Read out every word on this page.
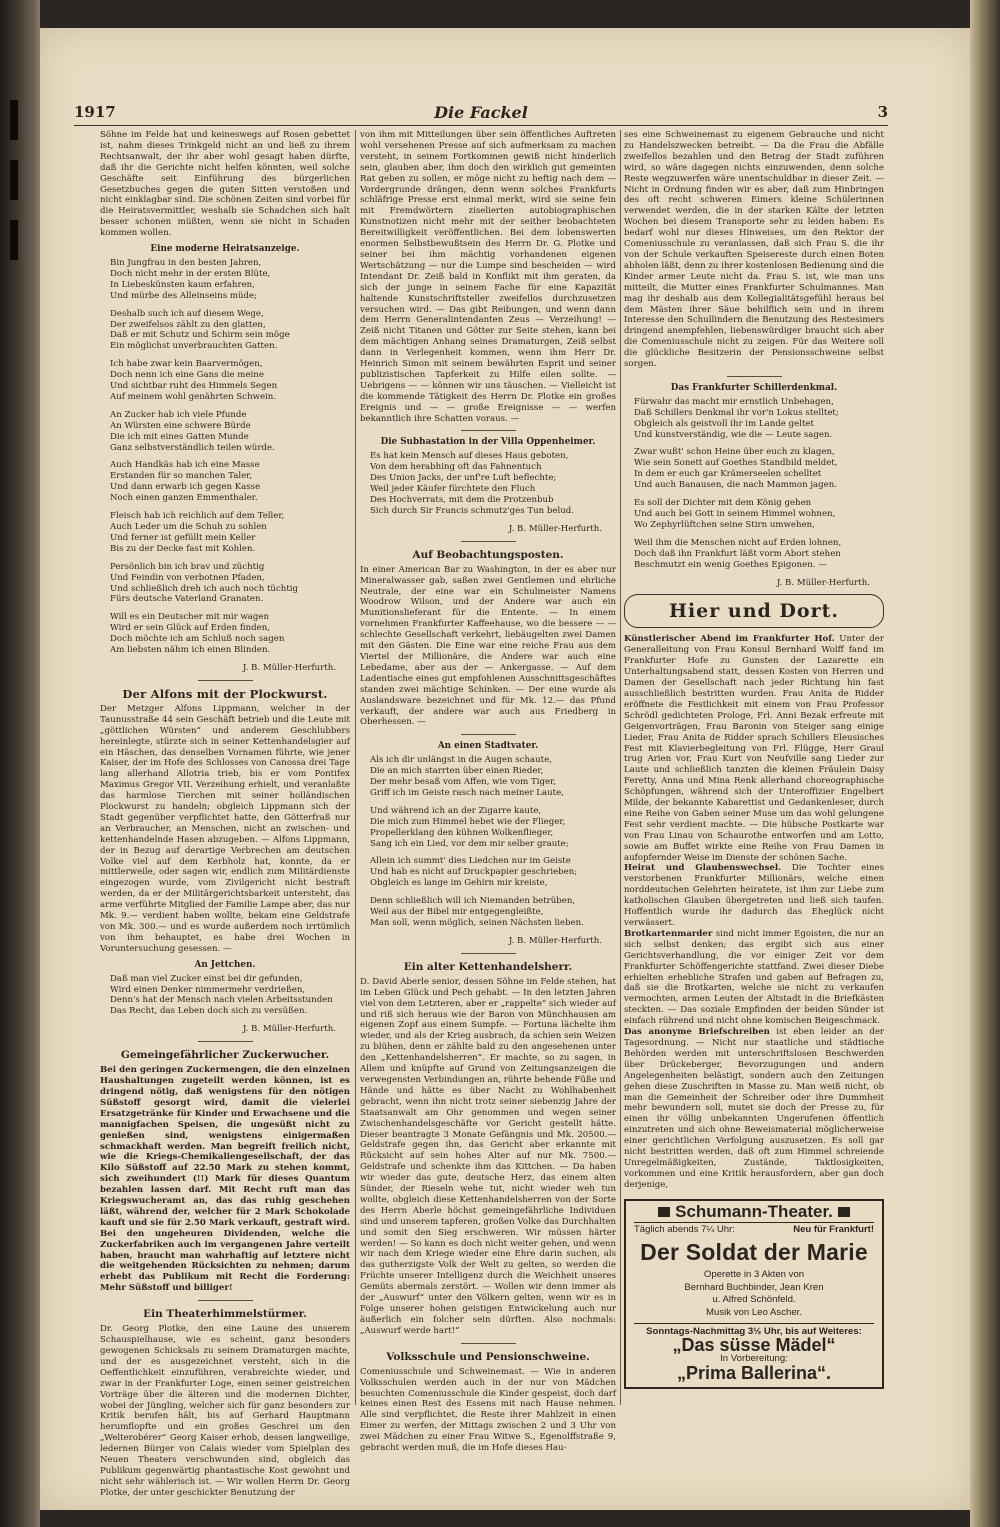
1917	Die Fackel	3
Söhne im Felde hat und keineswegs auf Rosen gebettet ist, nahm dieses Trinkgeld nicht an und ließ zu ihrem Rechtsanwalt, der ihr aber wohl gesagt haben dürfte, daß ihr die Gerichte nicht helfen könnten, weil solche Geschäfte seit Einführung des bürgerlichen Gesetzbuches gegen die guten Sitten verstoßen und nicht einklagbar sind. Die schönen Zeiten sind vorbei für die Heiratsvermittler, weshalb sie Schadchen sich halt besser schonen müßten, wenn sie nicht in Schaden kommen wollen.
Eine moderne Heiratsanzeige.
Bin Jungfrau in den besten Jahren,
Doch nicht mehr in der ersten Blüte,
In Liebeskünsten kaum erfahren,
Und mürbe des Alleinseins müde;
Deshalb such ich auf diesem Wege,
Der zweifelsos zählt zu den glatten,
Daß er mit Schutz und Schirm sein möge
Ein möglichst unverbrauchten Gatten.
Ich habe zwar kein Baarvermögen,
Doch nenn ich eine Gans die meine
Und sichtbar ruht des Himmels Segen
Auf meinem wohl genährten Schwein.
An Zucker hab ich viele Pfunde
An Würsten eine schwere Bürde
Die ich mit eines Gatten Munde
Ganz selbstverständlich teilen würde.
Auch Handkäs hab ich eine Masse
Erstanden für so manchen Taler,
Und dann erwarb ich gegen Kasse
Noch einen ganzen Emmenthaler.
Fleisch hab ich reichlich auf dem Teller,
Auch Leder um die Schuh zu sohlen
Und ferner ist gefüllt mein Keller
Bis zu der Decke fast mit Kohlen.
Persönlich bin ich brav und züchtig
Und Feindin von verbotnen Pfaden,
Und schließlich dreh ich auch noch tüchtig
Fürs deutsche Vaterland Granaten.
Will es ein Deutscher mit mir wagen
Wird er sein Glück auf Erden finden,
Doch möchte ich am Schluß noch sagen
Am liebsten nähm ich einen Blinden.
J. B. Müller-Herfurth.
Der Alfons mit der Plockwurst.
Der Metzger Alfons Lippmann, welcher in der Taunusstraße 44 sein Geschäft betrieb und die Leute mit „göttlichen Würsten“ und anderem Geschlubbers hereinlegte, stürzte sich in seiner Kettenhandelsgier auf ein Häschen, das denselben Vornamen führte, wie jener Kaiser, der im Hofe des Schlosses von Canossa drei Tage lang allerhand Allotria trieb, bis er vom Pontifex Maximus Gregor VII. Verzeihung erhielt, und veranlaßte das harmlose Tierchen mit seiner holländischen Plockwurst zu handeln; obgleich Lippmann sich der Stadt gegenüber verpflichtet hatte, den Götterfraß nur an Verbraucher, an Menschen, nicht an zwischen- und kettenhandelnde Hasen abzugeben. — Alfons Lippmann, der in Bezug auf derartige Verbrechen am deutschen Volke viel auf dem Kerbholz hat, konnte, da er mittlerweile, oder sagen wir, endlich zum Militärdienste eingezogen wurde, vom Zivilgericht nicht bestraft werden, da er der Militärgerichtsbarkeit untersteht, das arme verführte Mitglied der Familie Lampe aber, das nur Mk. 9.— verdient haben wollte, bekam eine Geldstrafe von Mk. 300.— und es wurde außerdem noch irrtümlich von ihm behauptet, es habe drei Wochen in Voruntersuchung gesessen. —
An Jettchen.
Daß man viel Zucker einst bei dir gefunden,
Wird einen Denker nimmermehr verdrießen,
Denn's hat der Mensch nach vielen Arbeitsstunden
Das Recht, das Leben doch sich zu versüßen.
J. B. Müller-Herfurth.
Gemeingefährlicher Zuckerwucher.
Bei den geringen Zuckermengen, die den einzelnen Haushaltungen zugeteilt werden können, ist es dringend nötig, daß wenigstens für den nötigen Süßstoff gesorgt wird, damit die vielerlei Ersatzgetränke für Kinder und Erwachsene und die mannigfachen Speisen, die ungesüßt nicht zu genießen sind, wenigstens einigermaßen schmackhaft werden. Man begreift freilich nicht, wie die Kriegs-Chemikaliengesellschaft, der das Kilo Süßstoff auf 22.50 Mark zu stehen kommt, sich zweihundert (!!) Mark für dieses Quantum bezahlen lassen darf. Mit Recht ruft man das Kriegswucheramt an, das das ruhig geschehen läßt, während der, welcher für 2 Mark Schokolade kauft und sie für 2.50 Mark verkauft, gestraft wird. Bei den ungeheuren Dividenden, welche die Zuckerfabriken auch im vergangenen Jahre verteilt haben, braucht man wahrhaftig auf letztere nicht die weitgehenden Rücksichten zu nehmen; darum erhebt das Publikum mit Recht die Forderung: Mehr Süßstoff und billiger!
Ein Theaterhimmelstürmer.
Dr. Georg Plotke, den eine Laune des unserem Schauspielhause, wie es scheint, ganz besonders gewogenen Schicksals zu seinem Dramaturgen machte, und der es ausgezeichnet versteht, sich in die Oeffentlichkeit einzuführen, verabreichte wieder, und zwar in der Frankfurter Loge, einen seiner geistreichen Vorträge über die älteren und die modernen Dichter, wobei der Jüngling, welcher sich für ganz besonders zur Kritik berufen hält, bis auf Gerhard Hauptmann herumflopfte und ein großes Geschrei um den „Welterobérer“ Georg Kaiser erhob, dessen langweilige, ledernen Bürger von Calais wieder vom Spielplan des Neuen Theaters verschwunden sind, obgleich das Publikum gegenwärtig phantastische Kost gewohnt und nicht sehr wählerisch ist. — Wir wollen Herrn Dr. Georg Plotke, der unter geschickter Benutzung der
von ihm mit Mitteilungen über sein öffentliches Auftreten wohl versehenen Presse auf sich aufmerksam zu machen versteht, in seinem Fortkommen gewiß nicht hinderlich sein, glauben aber, ihm doch den wirklich gut gemeinten Rat geben zu sollen, er möge nicht zu heftig nach dem — Vordergrunde drängen, denn wenn solches Frankfurts schläfrige Presse erst einmal merkt, wird sie seine fein mit Fremdwörtern ziselierten autobiographischen Kunstnotizen nicht mehr mit der seither beobachteten Bereitwilligkeit veröffentlichen. Bei dem lobenswerten enormen Selbstbewußtsein des Herrn Dr. G. Plotke und seiner bei ihm mächtig vorhandenen eigenen Wertschätzung — nur die Lumpe sind bescheiden — wird Intendant Dr. Zeiß bald in Konflikt mit ihm geraten, da sich der junge in seinem Fache für eine Kapazität haltende Kunstschriftsteller zweifellos durchzusetzen versuchen wird. — Das gibt Reibungen, und wenn dann dem Herrn Generalintendanten Zeus — Verzeihung! — Zeiß nicht Titanen und Götter zur Seite stehen, kann bei dem mächtigen Anhang seines Dramaturgen, Zeiß selbst dann in Verlegenheit kommen, wenn ihm Herr Dr. Heinrich Simon mit seinem bewährten Esprit und seiner publizistischen Tapferkeit zu Hilfe eilen sollte. — Uebrigens — — können wir uns täuschen. — Vielleicht ist die kommende Tätigkeit des Herrn Dr. Plotke ein großes Ereignis und — — große Ereignisse — — werfen bekanntlich ihre Schatten voraus. —
Die Subhastation in der Villa Oppenheimer.
Es hat kein Mensch auf dieses Haus geboten,
Von dem herabhing oft das Fahnentuch
Des Union Jacks, der unf're Luft beflechte;
Weil jeder Käufer fürchtete den Fluch
Des Hochverrats, mit dem die Protzenbub
Sich durch Sir Francis schmutz'ges Tun belud.
J. B. Müller-Herfurth.
Auf Beobachtungsposten.
In einer American Bar zu Washington, in der es aber nur Mineralwasser gab, saßen zwei Gentlemen und ehrliche Neutrale, der eine war ein Schulmeister Namens Woodrow Wilson, und der Andere war auch ein Munitionslieferant für die Entente. — In einem vornehmen Frankfurter Kaffeehause, wo die bessere — — schlechte Gesellschaft verkehrt, liebäugelten zwei Damen mit den Gästen. Die Eine war eine reiche Frau aus dem Viertel der Millionäre, die Andere war auch eine Lebedame, aber aus der — Ankergasse. — Auf dem Ladentische eines gut empfohlenen Ausschnittsgeschäftes standen zwei mächtige Schinken. — Der eine wurde als Auslandsware bezeichnet und für Mk. 12.— das Pfund verkauft, der andere war auch aus Friedberg in Oberhessen. —
An einen Stadtvater.
Als ich dir unlängst in die Augen schaute,
Die an mich starrten über einen Rieder,
Der mehr besaß vom Affen, wie vom Tiger,
Griff ich im Geiste rasch nach meiner Laute,
Und während ich an der Zigarre kaute,
Die mich zum Himmel hebet wie der Flieger,
Propellerklang den kühnen Wolkenflieger,
Sang ich ein Lied, vor dem mir selber graute;
Allein ich summt' dies Liedchen nur im Geiste
Und hab es nicht auf Druckpapier geschrieben;
Obgleich es lange im Gehirn mir kreiste,
Denn schließlich will ich Niemanden betrüben,
Weil aus der Bibel mir entgegengleißte,
Man soll, wenn möglich, seinen Nächsten lieben.
J. B. Müller-Herfurth.
Ein alter Kettenhandelsherr.
D. David Aberle senior, dessen Söhne im Felde stehen, hat im Leben Glück und Pech gehabt. — In den letzten Jahren viel von dem Letzteren, aber er „rappelte“ sich wieder auf und riß sich heraus wie der Baron von Münchhausen am eigenen Zopf aus einem Sumpfe. — Fortuna lächelte ihm wieder, und als der Krieg ausbrach, da schien sein Weizen zu blühen, denn er zählte bald zu den angesehenen unter den „Kettenhandelsherren“. Er machte, so zu sagen, in Allem und knüpfte auf Grund von Zeitungsanzeigen die verwegensten Verbindungen an, rührte behende Füße und Hände und hätte es über Nacht zu Wohlhabenheit gebracht, wenn ihn nicht trotz seiner siebenzig Jahre der Staatsanwalt am Ohr genommen und wegen seiner Zwischenhandelsgeschäfte vor Gericht gestellt hätte. Dieser beantragte 3 Monate Gefängnis und Mk. 20500.— Geldstrafe gegen ihn, das Gericht aber erkannte mit Rücksicht auf sein hohes Alter auf nur Mk. 7500.— Geldstrafe und schenkte ihm das Kittchen. — Da haben wir wieder das gute, deutsche Herz, das einem alten Sünder, der Rieseln wehe tut, nicht wieder weh tun wollte, obgleich diese Kettenhandelsherren von der Sorte des Herrn Aberle höchst gemeingefährliche Individuen sind und unserem tapferen, großen Volke das Durchhalten und somit den Sieg erschweren. Wir müssen härter werden! — So kann es doch nicht weiter gehen, und wenn wir nach dem Kriege wieder eine Ehre darin suchen, als das gutherzigste Volk der Welt zu gelten, so werden die Früchte unserer Intelligenz durch die Weichheit unseres Gemüts abermals zerstört. — Wollen wir denn immer als der „Auswurf“ unter den Völkern gelten, wenn wir es in Folge unserer hohen geistigen Entwickelung auch nur äußerlich ein folcher sein dürften. Also nochmals: „Auswurf werde hart!“
Volksschule und Pensionschweine.
Comeniusschule und Schweinemast. — Wie in anderen Volksschulen werden auch in der nur von Mädchen besuchten Comeniusschule die Kinder gespeist, doch darf keines einen Rest des Essens mit nach Hause nehmen. Alle sind verpflichtet, die Reste ihrer Mahlzeit in einen Eimer zu werfen, der Mittags zwischen 2 und 3 Uhr von zwei Mädchen zu einer Frau Witwe S., Egenolffstraße 9, gebracht werden muß, die im Hofe dieses Hau-
ses eine Schweinemast zu eigenem Gebrauche und nicht zu Handelszwecken betreibt. — Da die Frau die Abfälle zweifellos bezahlen und den Betrag der Stadt zuführen wird, so wäre dagegen nichts einzuwenden, denn solche Reste wegzuwerfen wäre unentschuldbar in dieser Zeit. — Nicht in Ordnung finden wir es aber, daß zum Hinbringen des oft recht schweren Eimers kleine Schülerinnen verwendet werden, die in der starken Kälte der letzten Wochen bei diesem Transporte sehr zu leiden haben: Es bedarf wohl nur dieses Hinweises, um den Rektor der Comeniusschule zu veranlassen, daß sich Frau S. die ihr von der Schule verkauften Speisereste durch einen Boten abholen läßt, denn zu ihrer kostenlosen Bedienung sind die Kinder armer Leute nicht da. Frau S. ist, wie man uns mitteilt, die Mutter eines Frankfurter Schulmannes. Man mag ihr deshalb aus dem Kollegialitätsgefühl heraus bei dem Mästen ihrer Säue behilflich sein und in ihrem Interesse den Schullindern die Benutzung des Restesimers dringend anempfehlen, liebenswürdiger braucht sich aber die Comeniusschule nicht zu zeigen. Für das Weitere soll die glückliche Besitzerin der Pensionsschweine selbst sorgen.
Das Frankfurter Schillerdenkmal.
Fürwahr das macht mir ernstlich Unbehagen,
Daß Schillers Denkmal ihr vor'n Lokus stelltet;
Obgleich als geistvoll ihr im Lande geltet
Und kunstverständig, wie die — Leute sagen.
Zwar wußt' schon Heine über euch zu klagen,
Wie sein Sonett auf Goethes Standbild meldet,
In dem er euch gar Krämerseelen schelltet
Und auch Banausen, die nach Mammon jagen.
Es soll der Dichter mit dem König gehen
Und auch bei Gott in seinem Himmel wohnen,
Wo Zephyrlüftchen seine Stirn umwehen,
Weil ihm die Menschen nicht auf Erden lohnen,
Doch daß ihn Frankfurt läßt vorm Abort stehen
Beschmutzt ein wenig Goethes Epigonen. —
J. B. Müller-Herfurth.
Hier und Dort.
Künstlerischer Abend im Frankfurter Hof. Unter der Generalleitung von Frau Konsul Bernhard Wolff fand im Frankfurter Hofe zu Gunsten der Lazarette ein Unterhaltungsabend statt, dessen Kosten von Herren und Damen der Gesellschaft nach jeder Richtung hin fast ausschließlich bestritten wurden. Frau Anita de Ridder eröffnete die Festlichkeit mit einem von Frau Professor Schrödl gedichteten Prologe, Frl. Anni Bezak erfreute mit Geigenvorträgen, Frau Baronin von Steiger sang einige Lieder, Frau Anita de Ridder sprach Schillers Eleusisches Fest mit Klavierbegleitung von Frl. Flügge, Herr Graul trug Arien vor, Frau Kurt von Neufville sang Lieder zur Laute und schließlich tanzten die kleinen Fräulein Daisy Feretty, Anna und Mina Renk allerhand choreographische Schöpfungen, während sich der Unteroffizier Engelbert Milde, der bekannte Kabarettist und Gedankenleser, durch eine Reihe von Gaben seiner Muse um das wohl gelungene Fest sehr verdient machte. — Die hübsche Postkarte war von Frau Linau von Schaurothe entworfen und am Lotto, sowie am Buffet wirkte eine Reihe von Frau Damen in aufopfernder Weise im Dienste der schönen Sache.
Heirat und Glaubenswechsel. Die Tochter eines verstorbenen Frankfurter Millionärs, welche einen norddeutschen Gelehrten heiratete, ist ihm zur Liebe zum katholischen Glauben übergetreten und ließ sich taufen. Hoffentlich wurde ihr dadurch das Eheglück nicht verwässert.
Brotkartenmarder sind nicht immer Egoisten, die nur an sich selbst denken; das ergibt sich aus einer Gerichtsverhandlung, die vor einiger Zeit vor dem Frankfurter Schöffengerichte stattfand. Zwei dieser Diebe erhielten erhebliche Strafen und gaben auf Befragen zu, daß sie die Brotkarten, welche sie nicht zu verkaufen vermochten, armen Leuten der Altstadt in die Briefkästen steckten. — Das soziale Empfinden der beiden Sünder ist einfach rührend und nicht ohne komischen Beigeschmack.
Das anonyme Briefschreiben ist eben leider an der Tagesordnung. — Nicht nur staatliche und städtische Behörden werden mit unterschriftslosen Beschwerden über Drückeberger, Bevorzugungen und andern Angelegenheiten belästigt, sondern auch den Zeitungen gehen diese Zuschriften in Masse zu. Man weiß nicht, ob man die Gemeinheit der Schreiber oder ihre Dummheit mehr bewundern soll, mutet sie doch der Presse zu, für einen ihr völlig unbekannten Ungerufenen öffentlich einzutreten und sich ohne Beweismaterial möglicherweise einer gerichtlichen Verfolgung auszusetzen. Es soll gar nicht bestritten werden, daß oft zum Himmel schreiende Unregelmäßigkeiten, Zustände, Taktlosigkeiten, vorkommen und eine Kritik herausfordern, aber gan doch derjenige,
Schumann-Theater.
Täglich abends 7¼ Uhr:	Neu für Frankfurt!
Der Soldat der Marie
Operette in 3 Akten von
Bernhard Buchbinder, Jean Kren
u. Alfred Schönfeld.
Musik von Leo Ascher.
Sonntags-Nachmittag 3½ Uhr, bis auf Weiteres:
„Das süsse Mädel“
In Vorbereitung:
„Prima Ballerina“.
